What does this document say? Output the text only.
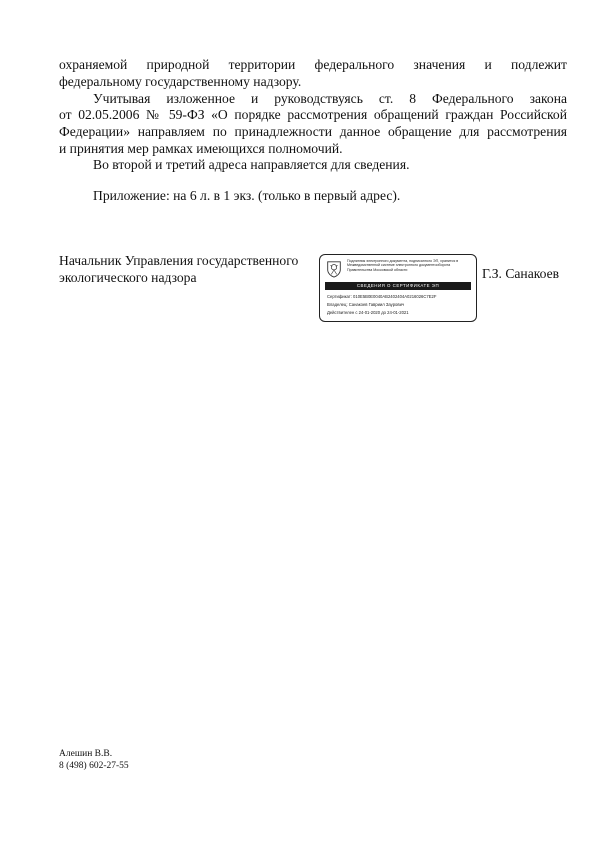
охраняемой природной территории федерального значения и подлежит

федеральному государственному надзору.

Учитывая изложенное и руководствуясь ст. 8 Федерального закона

от 02.05.2006 № 59-ФЗ «О порядке рассмотрения обращений граждан Российской

Федерации» направляем по принадлежности данное обращение для рассмотрения

и принятия мер рамках имеющихся полномочий.

Во второй и третий адреса направляется для сведения.

Приложение: на 6 л. в 1 экз. (только в первый адрес).

Начальник Управления государственного экологического надзора

Подлинник электронного документа, подписанного ЭП, хранится в Межведомственной системе электронного документооборота Правительства Московской области

СВЕДЕНИЯ О СЕРТИФИКАТЕ ЭП

Сертификат: 010E5B0E0040AB2402404A0216026C7E2F

Владелец: Санакоев Гавриил Заурович

Действителен с 24-01-2020 до 24-01-2021

Г.З. Санакоев

Алешин В.В.

8 (498) 602-27-55
